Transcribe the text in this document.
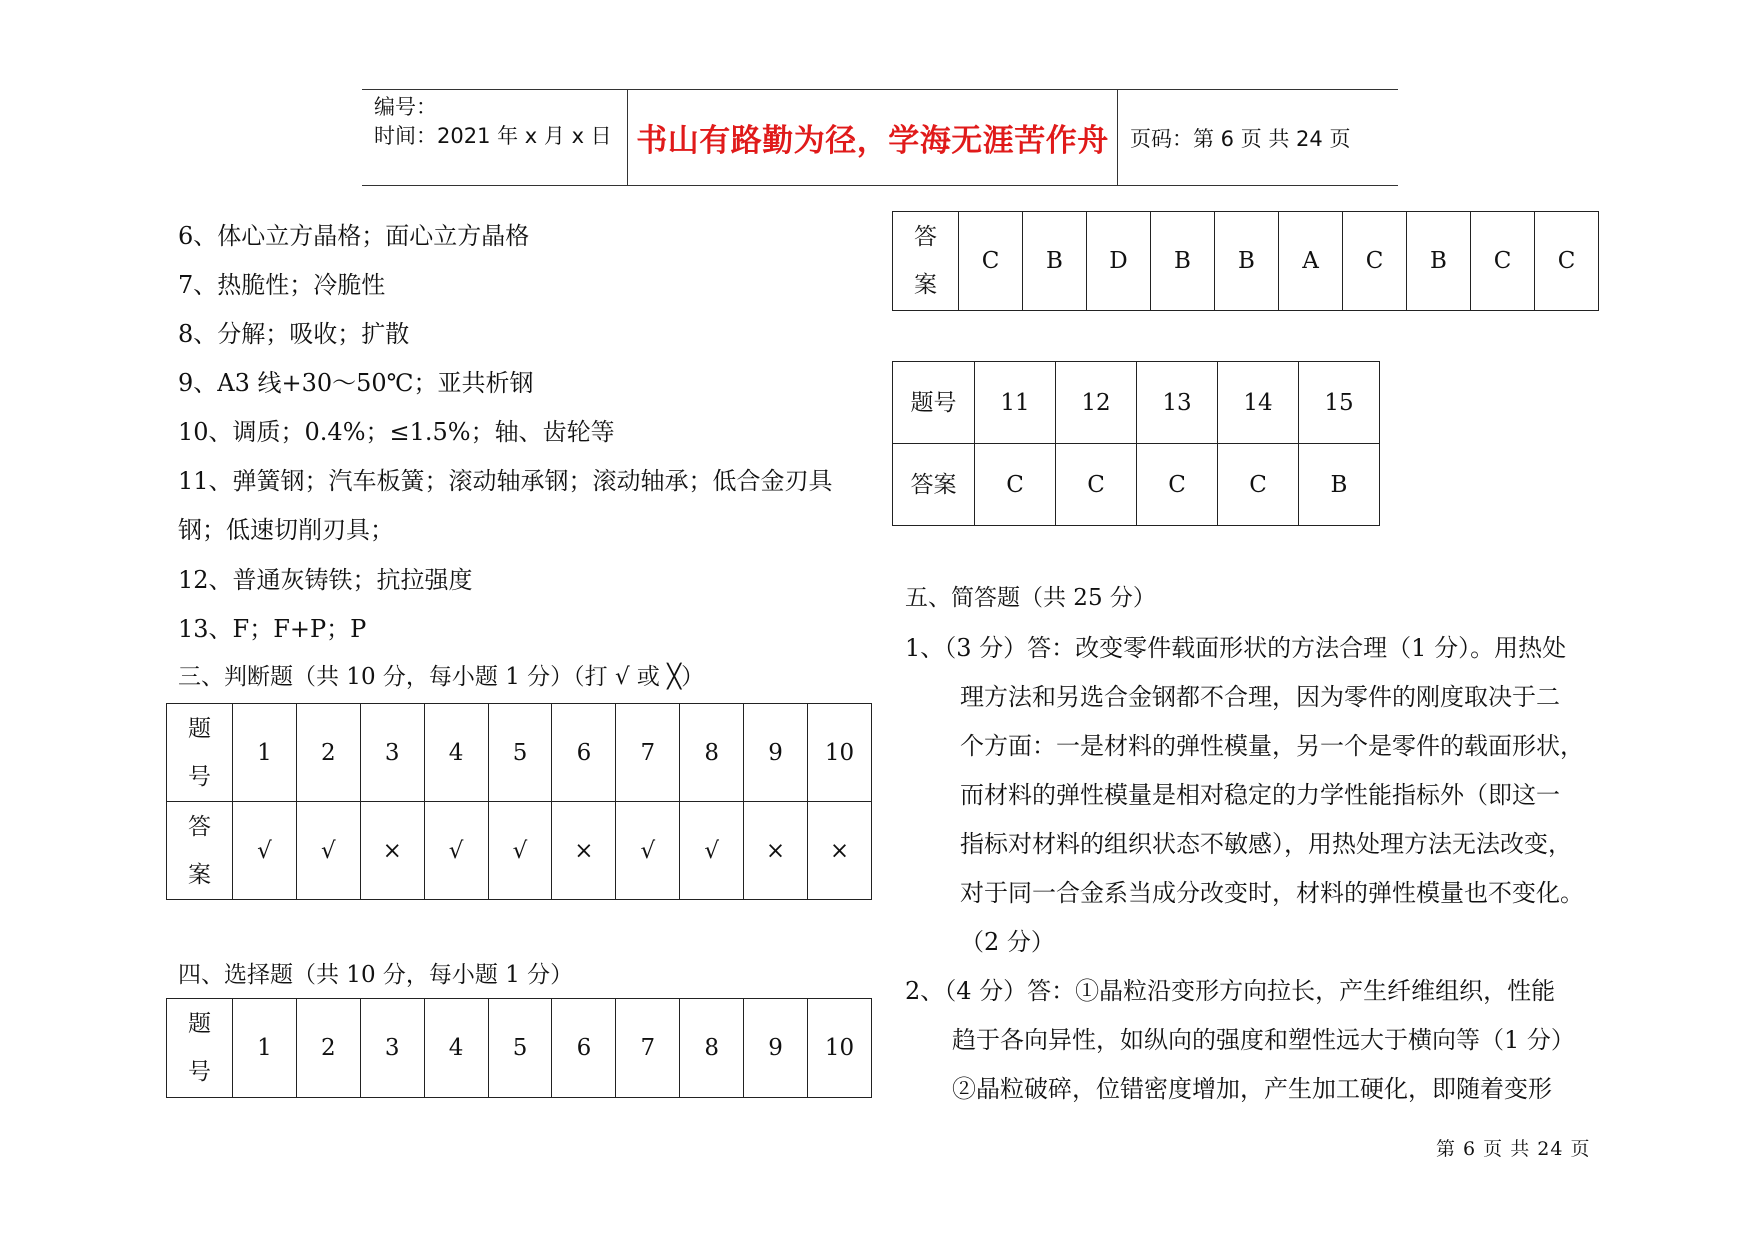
编号：
时间：2021 年 x 月 x 日 书山有路勤为径，学海无涯苦作舟	页码：第 6 页 共 24 页
6、体心立方晶格；面心立方晶格
7、热脆性；冷脆性
8、分解；吸收；扩散
9、A3 线+30～50℃；亚共析钢
10、调质；0.4%；≤1.5%；轴、齿轮等
11、弹簧钢；汽车板簧；滚动轴承钢；滚动轴承；低合金刃具
钢；低速切削刃具；
12、普通灰铸铁；抗拉强度
13、F；F+P；P
三、判断题（共 10 分，每小题 1 分）（打 √ 或 ╳）
题
号	1	2	3	4	5	6	7	8	9	10
答
案	√	√	×	√	√	×	√	√	×	×
四、选择题（共 10 分，每小题 1 分）
题
号	1	2	3	4	5	6	7	8	9	10
答
案	C	B	D	B	B	A	C	B	C	C
题号	11	12	13	14	15
答案	C	C	C	C	B
五、简答题（共 25 分）
1、（3 分）答：改变零件载面形状的方法合理（1 分）。用热处
理方法和另选合金钢都不合理，因为零件的刚度取决于二
个方面：一是材料的弹性模量，另一个是零件的载面形状，
而材料的弹性模量是相对稳定的力学性能指标外（即这一
指标对材料的组织状态不敏感），用热处理方法无法改变，
对于同一合金系当成分改变时，材料的弹性模量也不变化。
（2 分）
2、（4 分）答：①晶粒沿变形方向拉长，产生纤维组织，性能
趋于各向异性，如纵向的强度和塑性远大于横向等（1 分）
②晶粒破碎，位错密度增加，产生加工硬化，即随着变形
第 6 页 共 24 页
